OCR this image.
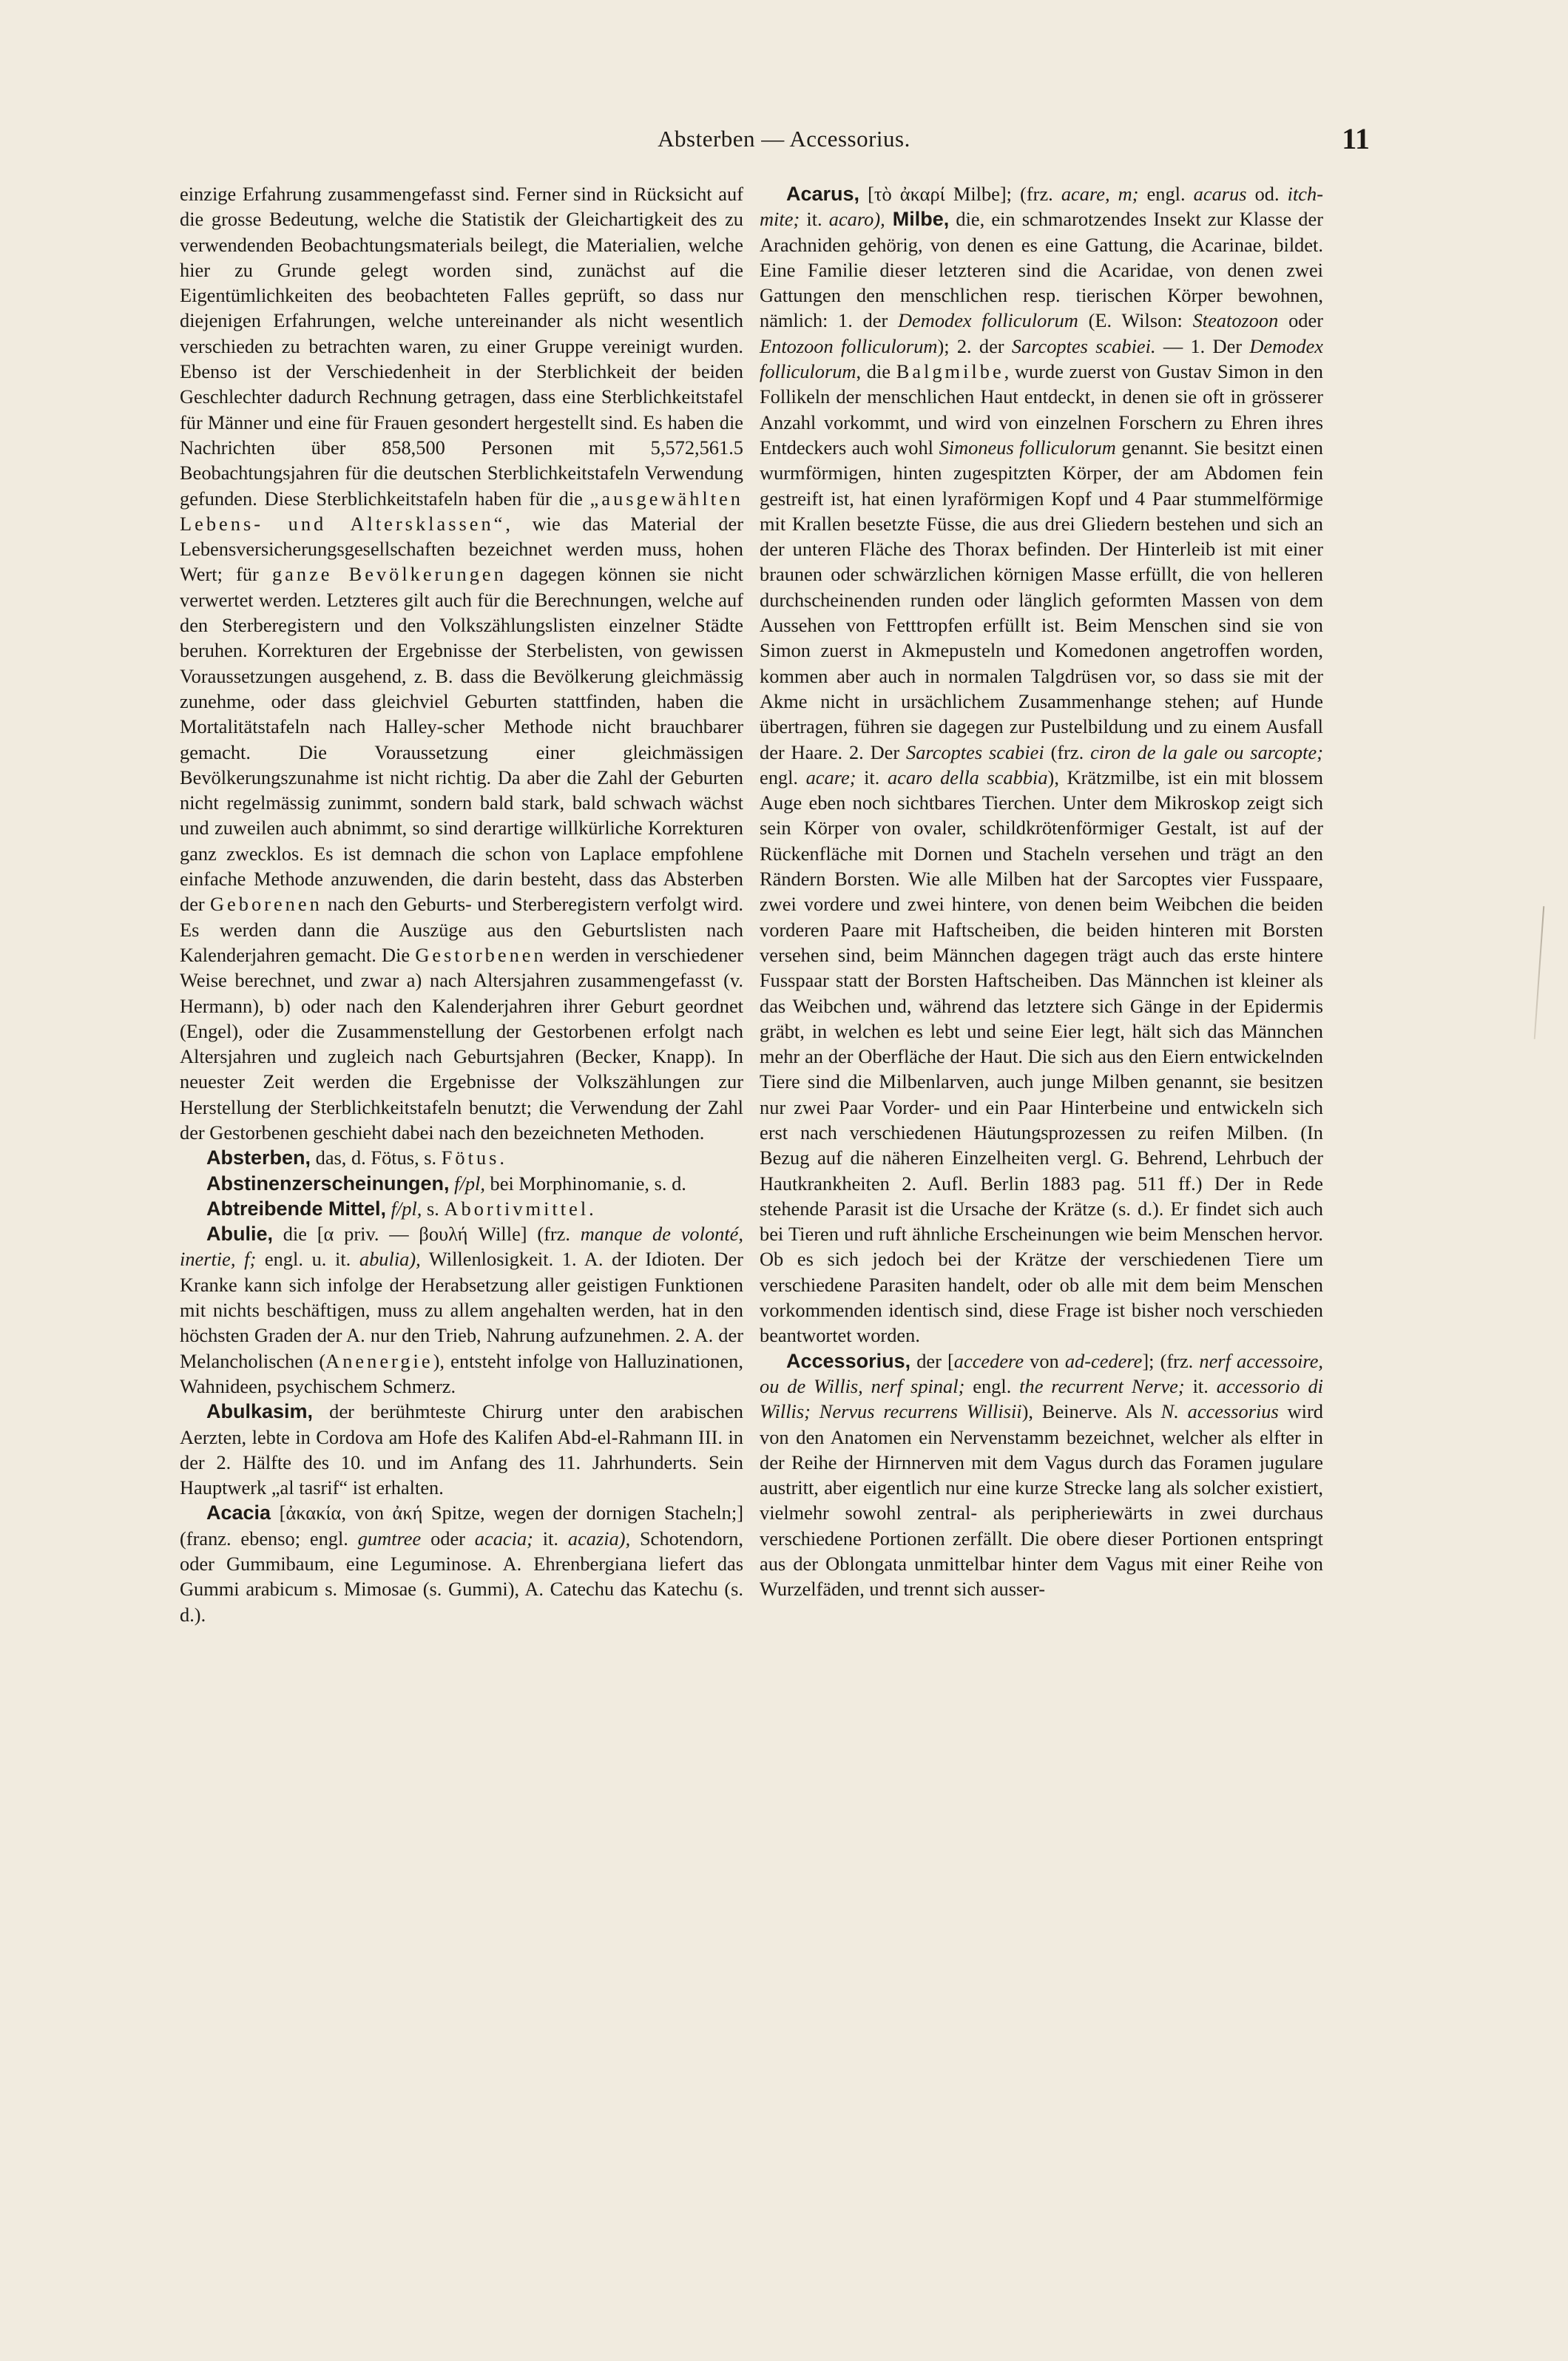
Absterben — Accessorius.	11

einzige Erfahrung zusammengefasst sind. Ferner sind in Rücksicht auf die grosse Bedeutung, welche die Statistik der Gleichartigkeit des zu verwendenden Beobachtungsmaterials beilegt, die Materialien, welche hier zu Grunde gelegt worden sind, zunächst auf die Eigentümlichkeiten des beobachteten Falles geprüft, so dass nur diejenigen Erfahrungen, welche untereinander als nicht wesentlich verschieden zu betrachten waren, zu einer Gruppe vereinigt wurden. Ebenso ist der Verschiedenheit in der Sterblichkeit der beiden Geschlechter dadurch Rechnung getragen, dass eine Sterblichkeitstafel für Männer und eine für Frauen gesondert hergestellt sind. Es haben die Nachrichten über 858,500 Personen mit 5,572,561.5 Beobachtungsjahren für die deutschen Sterblichkeitstafeln Verwendung gefunden. Diese Sterblichkeitstafeln haben für die „ausgewählten Lebens- und Altersklassen“, wie das Material der Lebensversicherungsgesellschaften bezeichnet werden muss, hohen Wert; für ganze Bevölkerungen dagegen können sie nicht verwertet werden. Letzteres gilt auch für die Berechnungen, welche auf den Sterberegistern und den Volkszählungslisten einzelner Städte beruhen. Korrekturen der Ergebnisse der Sterbelisten, von gewissen Voraussetzungen ausgehend, z. B. dass die Bevölkerung gleichmässig zunehme, oder dass gleichviel Geburten stattfinden, haben die Mortalitätstafeln nach Halley-scher Methode nicht brauchbarer gemacht. Die Voraussetzung einer gleichmässigen Bevölkerungszunahme ist nicht richtig. Da aber die Zahl der Geburten nicht regelmässig zunimmt, sondern bald stark, bald schwach wächst und zuweilen auch abnimmt, so sind derartige willkürliche Korrekturen ganz zwecklos. Es ist demnach die schon von Laplace empfohlene einfache Methode anzuwenden, die darin besteht, dass das Absterben der Geborenen nach den Geburts- und Sterberegistern verfolgt wird. Es werden dann die Auszüge aus den Geburtslisten nach Kalenderjahren gemacht. Die Gestorbenen werden in verschiedener Weise berechnet, und zwar a) nach Altersjahren zusammengefasst (v. Hermann), b) oder nach den Kalenderjahren ihrer Geburt geordnet (Engel), oder die Zusammenstellung der Gestorbenen erfolgt nach Altersjahren und zugleich nach Geburtsjahren (Becker, Knapp). In neuester Zeit werden die Ergebnisse der Volkszählungen zur Herstellung der Sterblichkeitstafeln benutzt; die Verwendung der Zahl der Gestorbenen geschieht dabei nach den bezeichneten Methoden.

Absterben, das, d. Fötus, s. Fötus.

Abstinenzerscheinungen, f/pl, bei Morphinomanie, s. d.

Abtreibende Mittel, f/pl, s. Abortivmittel.

Abulie, die [α priv. — βουλή Wille] (frz. manque de volonté, inertie, f; engl. u. it. abulia), Willenlosigkeit. 1. A. der Idioten. Der Kranke kann sich infolge der Herabsetzung aller geistigen Funktionen mit nichts beschäftigen, muss zu allem angehalten werden, hat in den höchsten Graden der A. nur den Trieb, Nahrung aufzunehmen. 2. A. der Melancholischen (Anenergie), entsteht infolge von Halluzinationen, Wahnideen, psychischem Schmerz.

Abulkasim, der berühmteste Chirurg unter den arabischen Aerzten, lebte in Cordova am Hofe des Kalifen Abd-el-Rahmann III. in der 2. Hälfte des 10. und im Anfang des 11. Jahrhunderts. Sein Hauptwerk „al tasrif“ ist erhalten.

Acacia [ἀκακία, von ἀκή Spitze, wegen der dornigen Stacheln;] (franz. ebenso; engl. gumtree oder acacia; it. acazia), Schotendorn, oder Gummibaum, eine Leguminose. A. Ehrenbergiana liefert das Gummi arabicum s. Mimosae (s. Gummi), A. Catechu das Katechu (s. d.).

Acarus, [τὸ ἀκαρί Milbe]; (frz. acare, m; engl. acarus od. itch-mite; it. acaro), Milbe, die, ein schmarotzendes Insekt zur Klasse der Arachniden gehörig, von denen es eine Gattung, die Acarinae, bildet. Eine Familie dieser letzteren sind die Acaridae, von denen zwei Gattungen den menschlichen resp. tierischen Körper bewohnen, nämlich: 1. der Demodex folliculorum (E. Wilson: Steatozoon oder Entozoon folliculorum); 2. der Sarcoptes scabiei. — 1. Der Demodex folliculorum, die Balgmilbe, wurde zuerst von Gustav Simon in den Follikeln der menschlichen Haut entdeckt, in denen sie oft in grösserer Anzahl vorkommt, und wird von einzelnen Forschern zu Ehren ihres Entdeckers auch wohl Simoneus folliculorum genannt. Sie besitzt einen wurmförmigen, hinten zugespitzten Körper, der am Abdomen fein gestreift ist, hat einen lyraförmigen Kopf und 4 Paar stummelförmige mit Krallen besetzte Füsse, die aus drei Gliedern bestehen und sich an der unteren Fläche des Thorax befinden. Der Hinterleib ist mit einer braunen oder schwärzlichen körnigen Masse erfüllt, die von helleren durchscheinenden runden oder länglich geformten Massen von dem Aussehen von Fetttropfen erfüllt ist. Beim Menschen sind sie von Simon zuerst in Akmepusteln und Komedonen angetroffen worden, kommen aber auch in normalen Talgdrüsen vor, so dass sie mit der Akme nicht in ursächlichem Zusammenhange stehen; auf Hunde übertragen, führen sie dagegen zur Pustelbildung und zu einem Ausfall der Haare. 2. Der Sarcoptes scabiei (frz. ciron de la gale ou sarcopte; engl. acare; it. acaro della scabbia), Krätzmilbe, ist ein mit blossem Auge eben noch sichtbares Tierchen. Unter dem Mikroskop zeigt sich sein Körper von ovaler, schildkrötenförmiger Gestalt, ist auf der Rückenfläche mit Dornen und Stacheln versehen und trägt an den Rändern Borsten. Wie alle Milben hat der Sarcoptes vier Fusspaare, zwei vordere und zwei hintere, von denen beim Weibchen die beiden vorderen Paare mit Haftscheiben, die beiden hinteren mit Borsten versehen sind, beim Männchen dagegen trägt auch das erste hintere Fusspaar statt der Borsten Haftscheiben. Das Männchen ist kleiner als das Weibchen und, während das letztere sich Gänge in der Epidermis gräbt, in welchen es lebt und seine Eier legt, hält sich das Männchen mehr an der Oberfläche der Haut. Die sich aus den Eiern entwickelnden Tiere sind die Milbenlarven, auch junge Milben genannt, sie besitzen nur zwei Paar Vorder- und ein Paar Hinterbeine und entwickeln sich erst nach verschiedenen Häutungsprozessen zu reifen Milben. (In Bezug auf die näheren Einzelheiten vergl. G. Behrend, Lehrbuch der Hautkrankheiten 2. Aufl. Berlin 1883 pag. 511 ff.) Der in Rede stehende Parasit ist die Ursache der Krätze (s. d.). Er findet sich auch bei Tieren und ruft ähnliche Erscheinungen wie beim Menschen hervor. Ob es sich jedoch bei der Krätze der verschiedenen Tiere um verschiedene Parasiten handelt, oder ob alle mit dem beim Menschen vorkommenden identisch sind, diese Frage ist bisher noch verschieden beantwortet worden.

Accessorius, der [accedere von ad-cedere]; (frz. nerf accessoire, ou de Willis, nerf spinal; engl. the recurrent Nerve; it. accessorio di Willis; Nervus recurrens Willisii), Beinerve. Als N. accessorius wird von den Anatomen ein Nervenstamm bezeichnet, welcher als elfter in der Reihe der Hirnnerven mit dem Vagus durch das Foramen jugulare austritt, aber eigentlich nur eine kurze Strecke lang als solcher existiert, vielmehr sowohl zentral- als peripheriewärts in zwei durchaus verschiedene Portionen zerfällt. Die obere dieser Portionen entspringt aus der Oblongata unmittelbar hinter dem Vagus mit einer Reihe von Wurzelfäden, und trennt sich ausser-
